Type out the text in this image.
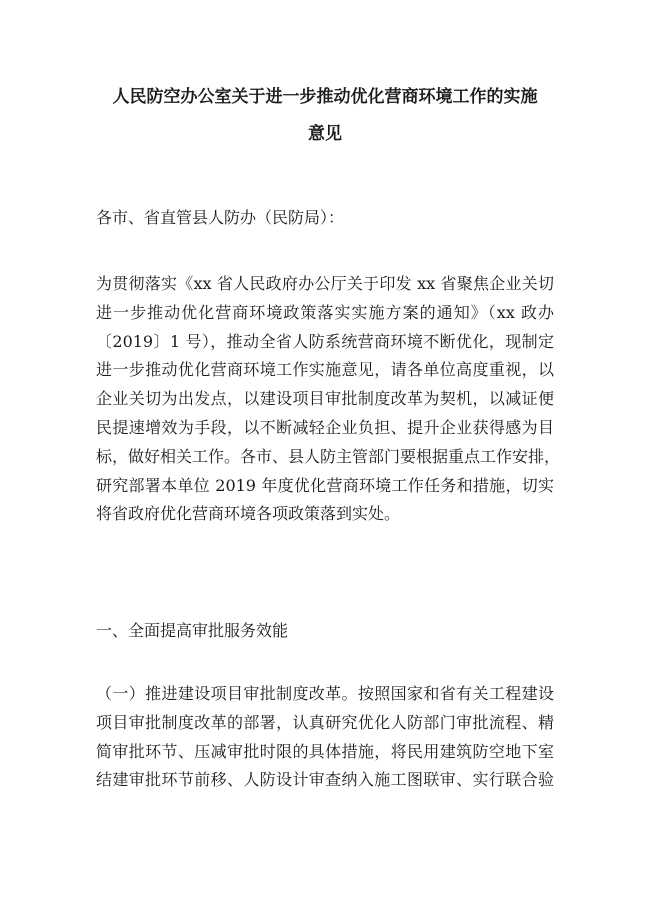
人民防空办公室关于进一步推动优化营商环境工作的实施
意见

各市、省直管县人防办（民防局）：

为贯彻落实《xx 省人民政府办公厅关于印发 xx 省聚焦企业关切
进一步推动优化营商环境政策落实实施方案的通知》（xx 政办
〔2019〕1 号），推动全省人防系统营商环境不断优化，现制定
进一步推动优化营商环境工作实施意见，请各单位高度重视，以
企业关切为出发点，以建设项目审批制度改革为契机，以减证便
民提速增效为手段，以不断减轻企业负担、提升企业获得感为目
标，做好相关工作。各市、县人防主管部门要根据重点工作安排，
研究部署本单位 2019 年度优化营商环境工作任务和措施，切实
将省政府优化营商环境各项政策落到实处。

一、全面提高审批服务效能

（一）推进建设项目审批制度改革。按照国家和省有关工程建设
项目审批制度改革的部署，认真研究优化人防部门审批流程、精
简审批环节、压减审批时限的具体措施，将民用建筑防空地下室
结建审批环节前移、人防设计审查纳入施工图联审、实行联合验
